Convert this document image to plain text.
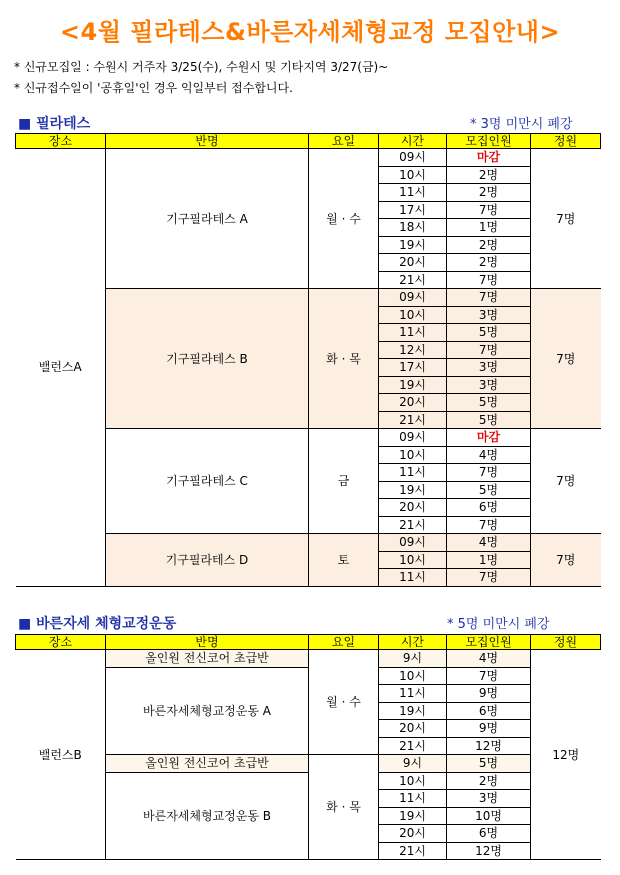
<4월 필라테스&바른자세체형교정 모집안내>
* 신규모집일 : 수원시 거주자 3/25(수), 수원시 및 기타지역 3/27(금)~
* 신규접수일이 '공휴일'인 경우 익일부터 접수합니다.
■ 필라테스	* 3명 미만시 폐강
장소	반명	요일	시간	모집인원	정원
밸런스A	기구필라테스 A	월 · 수	09시	마감	7명
			10시	2명	
			11시	2명	
			17시	7명	
			18시	1명	
			19시	2명	
			20시	2명	
			21시	7명	
	기구필라테스 B	화 · 목	09시	7명	7명
			10시	3명	
			11시	5명	
			12시	7명	
			17시	3명	
			19시	3명	
			20시	5명	
			21시	5명	
	기구필라테스 C	금	09시	마감	7명
			10시	4명	
			11시	7명	
			19시	5명	
			20시	6명	
			21시	7명	
	기구필라테스 D	토	09시	4명	7명
			10시	1명	
			11시	7명	
■ 바른자세 체형교정운동	* 5명 미만시 폐강
장소	반명	요일	시간	모집인원	정원
밸런스B	올인원 전신코어 초급반	월 · 수	9시	4명	12명
	바른자세체형교정운동 A		10시	7명	
			11시	9명	
			19시	6명	
			20시	9명	
			21시	12명	
	올인원 전신코어 초급반	화 · 목	9시	5명	
	바른자세체형교정운동 B		10시	2명	
			11시	3명	
			19시	10명	
			20시	6명	
			21시	12명	
